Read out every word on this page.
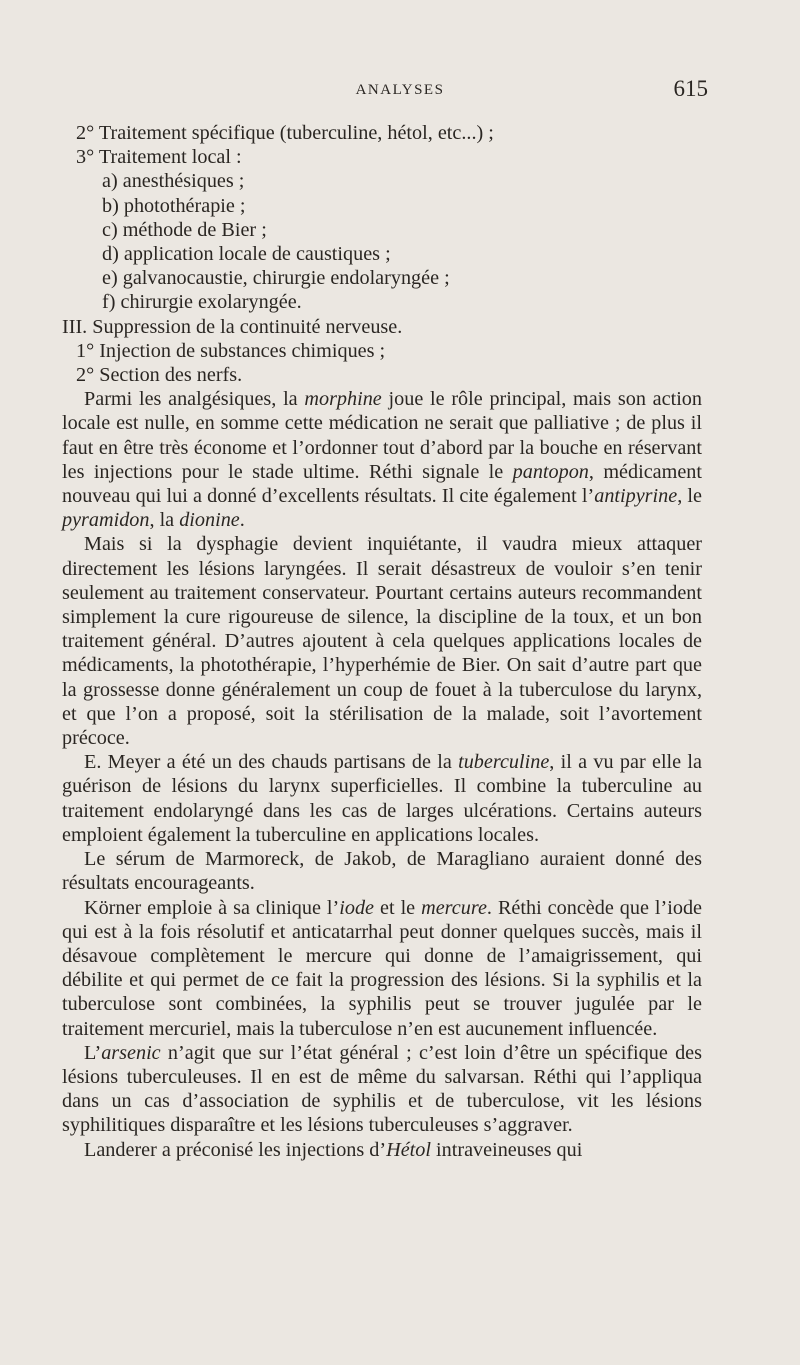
ANALYSES	615

2° Traitement spécifique (tuberculine, hétol, etc...) ;

3° Traitement local :

a) anesthésiques ;

b) photothérapie ;

c) méthode de Bier ;

d) application locale de caustiques ;

e) galvanocaustie, chirurgie endolaryngée ;

f) chirurgie exolaryngée.

III. Suppression de la continuité nerveuse.

1° Injection de substances chimiques ;

2° Section des nerfs.

Parmi les analgésiques, la morphine joue le rôle principal, mais son action locale est nulle, en somme cette médication ne serait que palliative ; de plus il faut en être très économe et l’ordonner tout d’abord par la bouche en réservant les injections pour le stade ultime. Réthi signale le pantopon, médicament nouveau qui lui a donné d’excellents résultats. Il cite également l’antipyrine, le pyramidon, la dionine.

Mais si la dysphagie devient inquiétante, il vaudra mieux attaquer directement les lésions laryngées. Il serait désastreux de vouloir s’en tenir seulement au traitement conservateur. Pourtant certains auteurs recommandent simplement la cure rigoureuse de silence, la discipline de la toux, et un bon traitement général. D’autres ajoutent à cela quelques applications locales de médicaments, la photothérapie, l’hyperhémie de Bier. On sait d’autre part que la grossesse donne généralement un coup de fouet à la tuberculose du larynx, et que l’on a proposé, soit la stérilisation de la malade, soit l’avortement précoce.

E. Meyer a été un des chauds partisans de la tuberculine, il a vu par elle la guérison de lésions du larynx superficielles. Il combine la tuberculine au traitement endolaryngé dans les cas de larges ulcérations. Certains auteurs emploient également la tuberculine en applications locales.

Le sérum de Marmoreck, de Jakob, de Maragliano auraient donné des résultats encourageants.

Körner emploie à sa clinique l’iode et le mercure. Réthi concède que l’iode qui est à la fois résolutif et anticatarrhal peut donner quelques succès, mais il désavoue complètement le mercure qui donne de l’amaigrissement, qui débilite et qui permet de ce fait la progression des lésions. Si la syphilis et la tuberculose sont combinées, la syphilis peut se trouver jugulée par le traitement mercuriel, mais la tuberculose n’en est aucunement influencée.

L’arsenic n’agit que sur l’état général ; c’est loin d’être un spécifique des lésions tuberculeuses. Il en est de même du salvarsan. Réthi qui l’appliqua dans un cas d’association de syphilis et de tuberculose, vit les lésions syphilitiques disparaître et les lésions tuberculeuses s’aggraver.

Landerer a préconisé les injections d’Hétol intraveineuses qui
